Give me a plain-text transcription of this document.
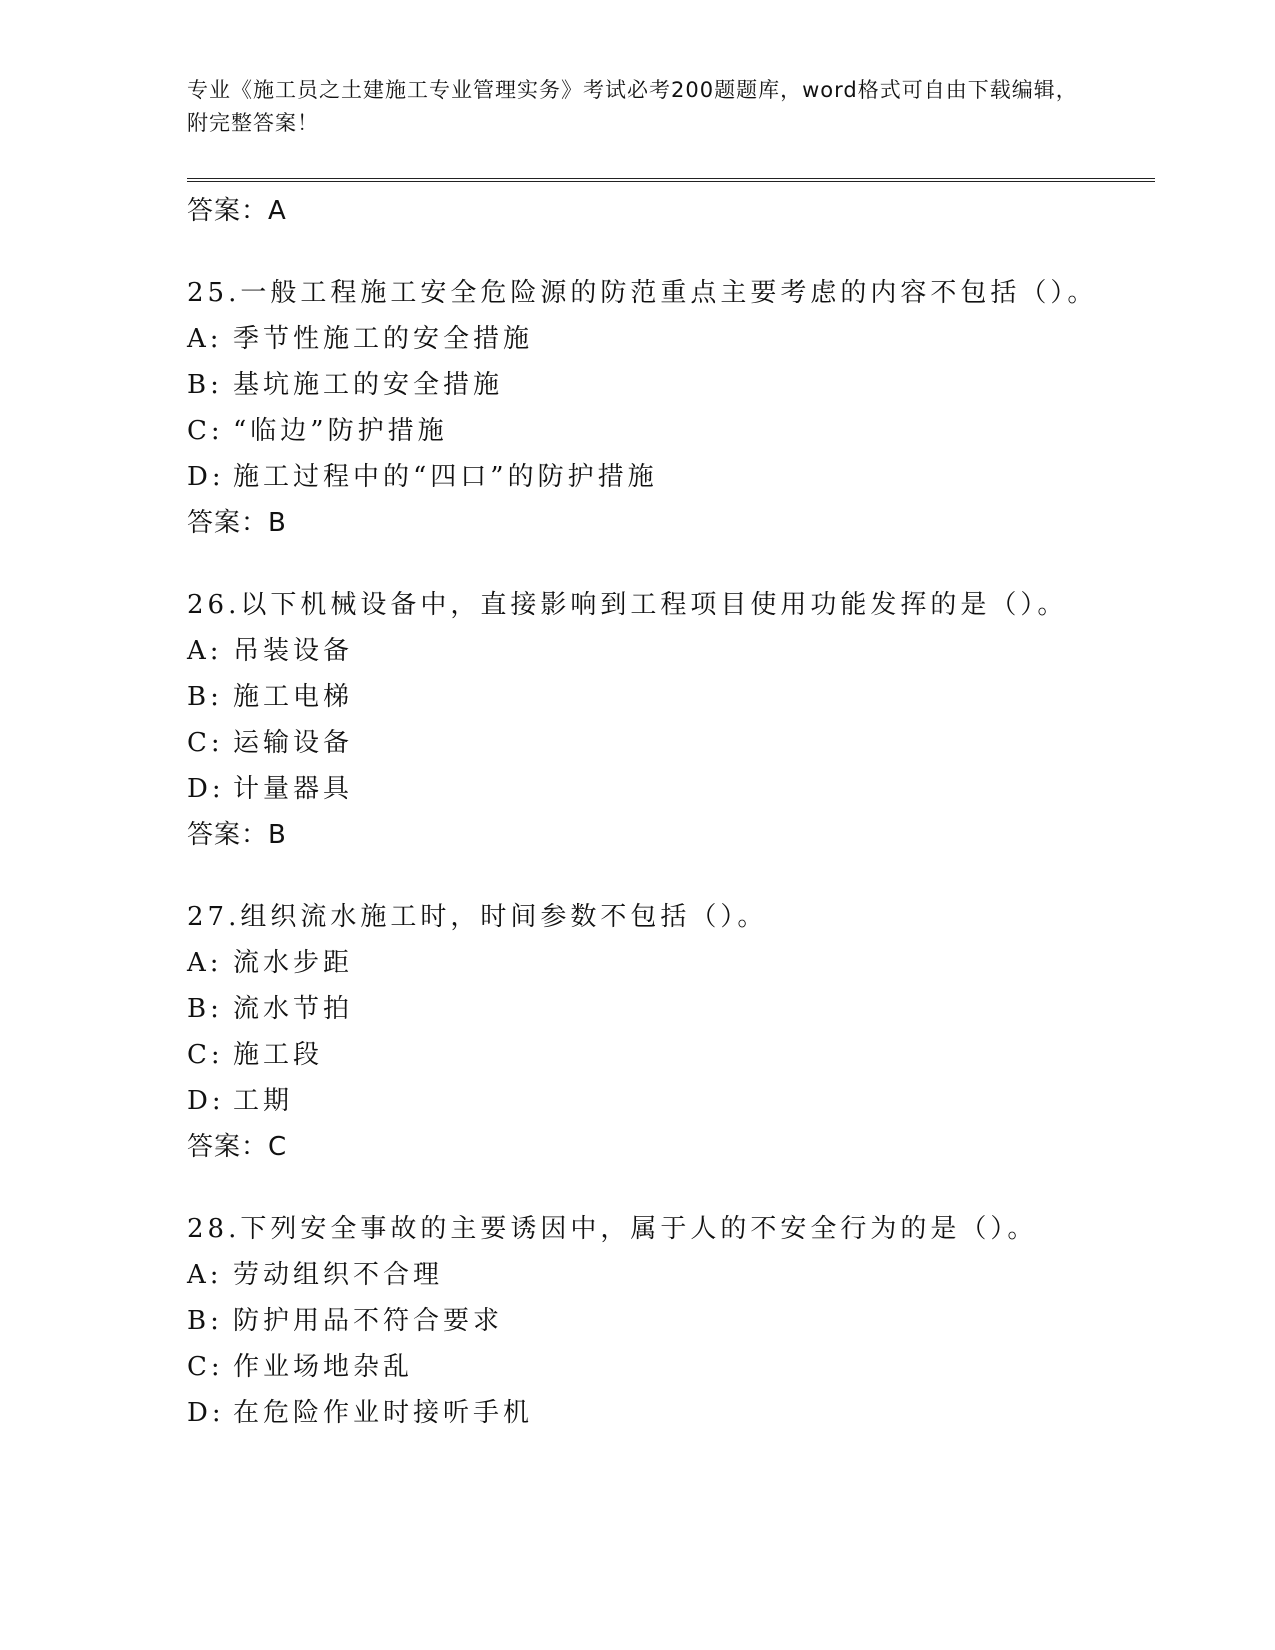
专业《施工员之土建施工专业管理实务》考试必考200题题库，word格式可自由下载编辑，附完整答案！
答案：A
25.一般工程施工安全危险源的防范重点主要考虑的内容不包括（）。
A: 季节性施工的安全措施
B: 基坑施工的安全措施
C: “临边”防护措施
D: 施工过程中的“四口”的防护措施
答案：B
26.以下机械设备中，直接影响到工程项目使用功能发挥的是（）。
A: 吊装设备
B: 施工电梯
C: 运输设备
D: 计量器具
答案：B
27.组织流水施工时，时间参数不包括（）。
A: 流水步距
B: 流水节拍
C: 施工段
D: 工期
答案：C
28.下列安全事故的主要诱因中，属于人的不安全行为的是（）。
A: 劳动组织不合理
B: 防护用品不符合要求
C: 作业场地杂乱
D: 在危险作业时接听手机
